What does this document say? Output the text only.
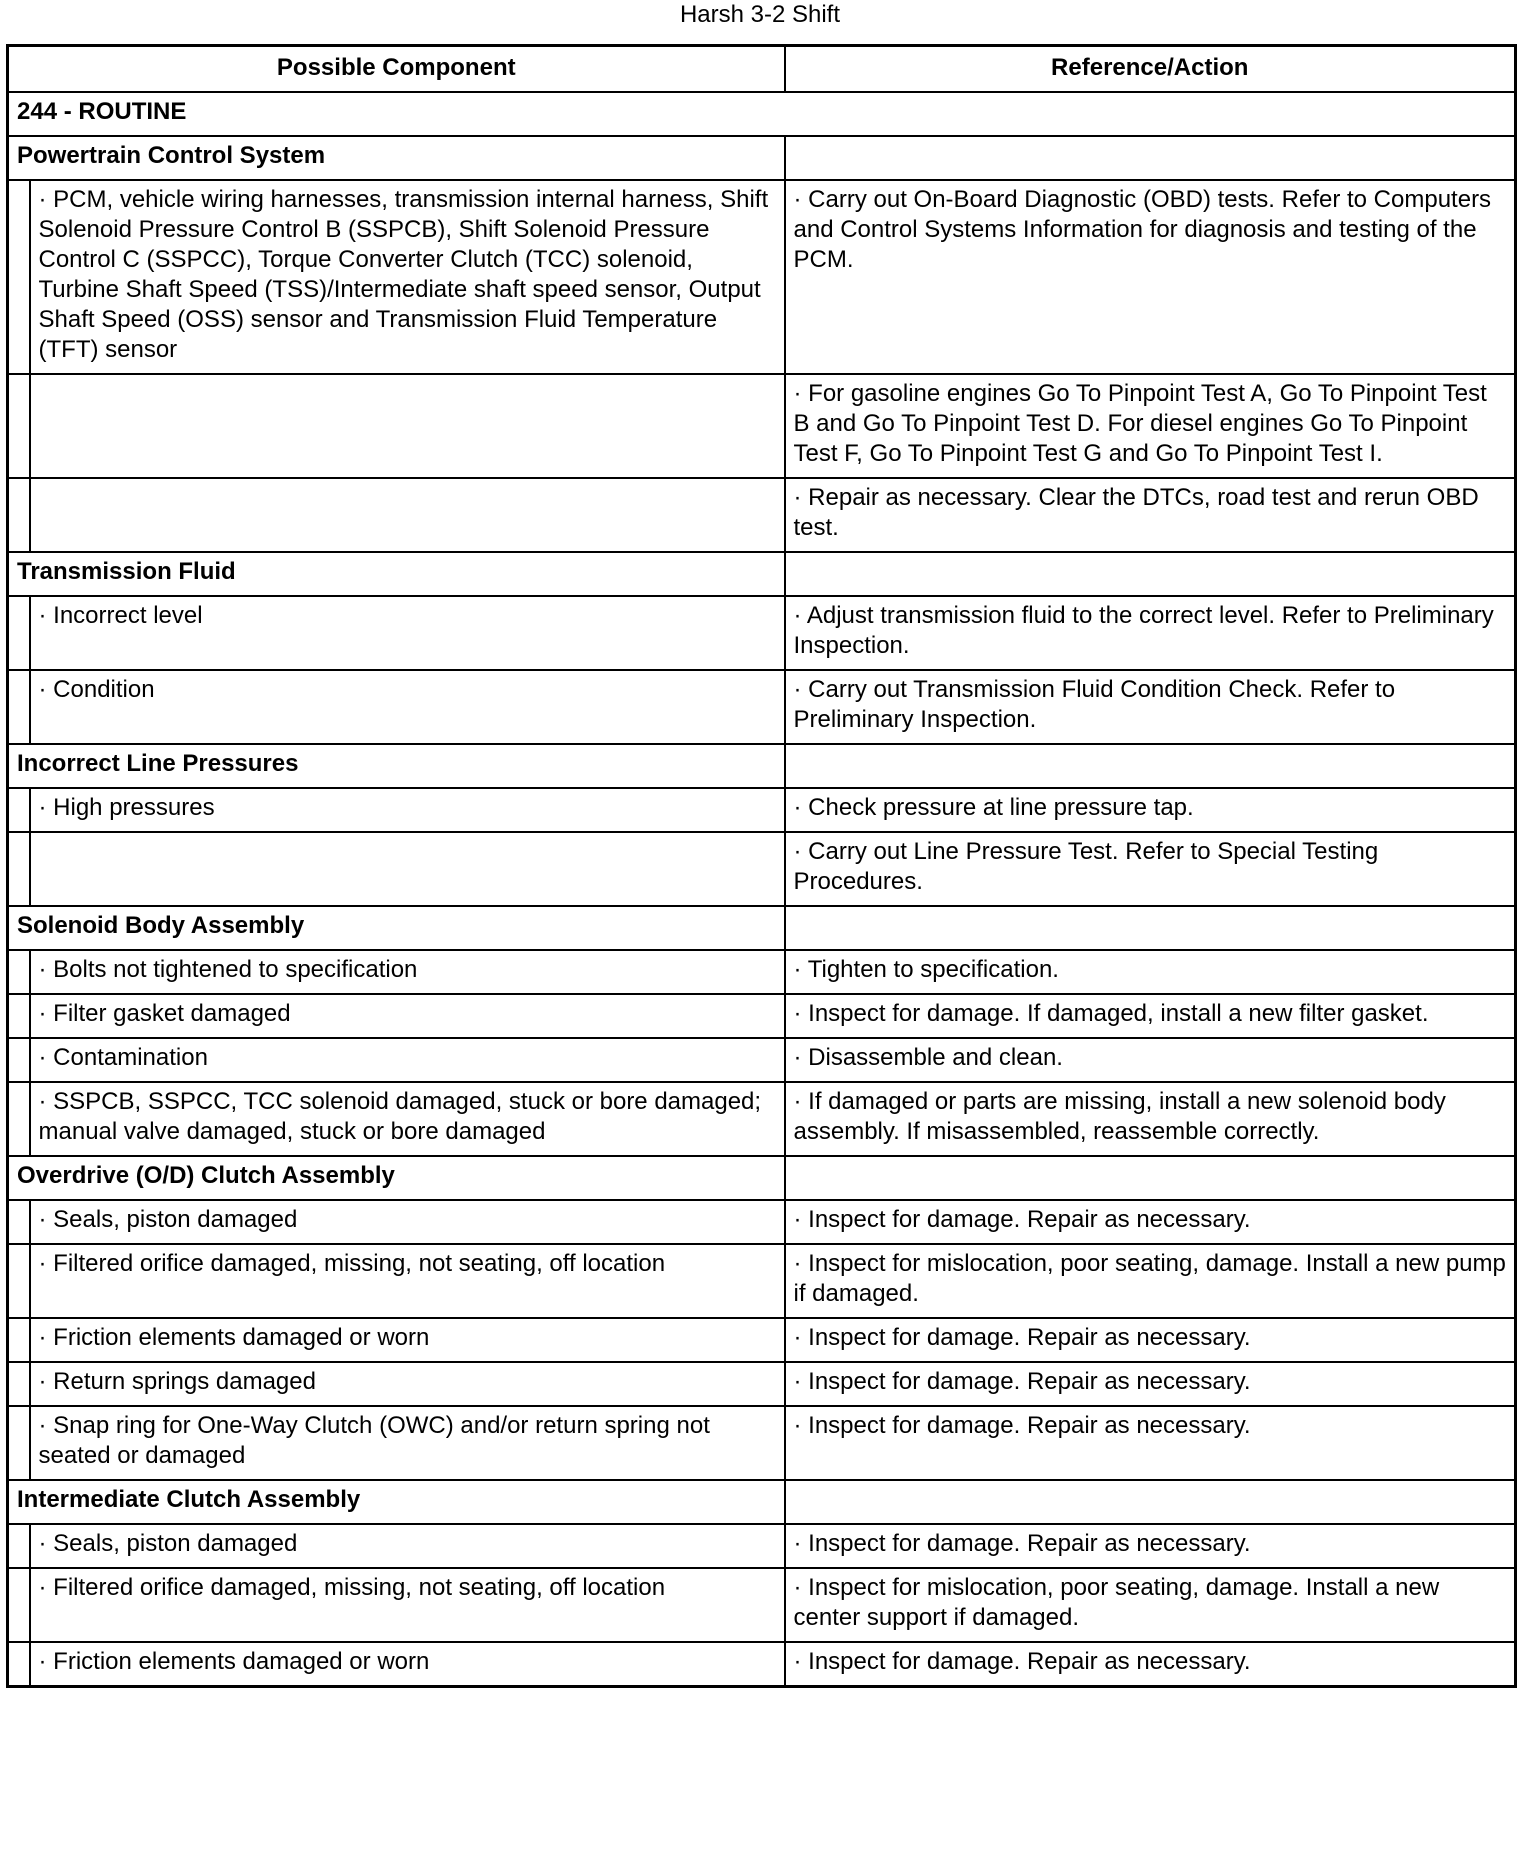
Harsh 3-2 Shift
Possible Component		Reference/Action
244 - ROUTINE		
Powertrain Control System		
	· PCM, vehicle wiring harnesses, transmission internal harness, Shift Solenoid Pressure Control B (SSPCB), Shift Solenoid Pressure Control C (SSPCC), Torque Converter Clutch (TCC) solenoid, Turbine Shaft Speed (TSS)/Intermediate shaft speed sensor, Output Shaft Speed (OSS) sensor and Transmission Fluid Temperature (TFT) sensor	· Carry out On-Board Diagnostic (OBD) tests. Refer to Computers and Control Systems Information for diagnosis and testing of the PCM.
		· For gasoline engines Go To Pinpoint Test A, Go To Pinpoint Test B and Go To Pinpoint Test D. For diesel engines Go To Pinpoint Test F, Go To Pinpoint Test G and Go To Pinpoint Test I.
		· Repair as necessary. Clear the DTCs, road test and rerun OBD test.
Transmission Fluid		
	· Incorrect level	· Adjust transmission fluid to the correct level. Refer to Preliminary Inspection.
	· Condition	· Carry out Transmission Fluid Condition Check. Refer to Preliminary Inspection.
Incorrect Line Pressures		
	· High pressures	· Check pressure at line pressure tap.
		· Carry out Line Pressure Test. Refer to Special Testing Procedures.
Solenoid Body Assembly		
	· Bolts not tightened to specification	· Tighten to specification.
	· Filter gasket damaged	· Inspect for damage. If damaged, install a new filter gasket.
	· Contamination	· Disassemble and clean.
	· SSPCB, SSPCC, TCC solenoid damaged, stuck or bore damaged; manual valve damaged, stuck or bore damaged	· If damaged or parts are missing, install a new solenoid body assembly. If misassembled, reassemble correctly.
Overdrive (O/D) Clutch Assembly		
	· Seals, piston damaged	· Inspect for damage. Repair as necessary.
	· Filtered orifice damaged, missing, not seating, off location	· Inspect for mislocation, poor seating, damage. Install a new pump if damaged.
	· Friction elements damaged or worn	· Inspect for damage. Repair as necessary.
	· Return springs damaged	· Inspect for damage. Repair as necessary.
	· Snap ring for One-Way Clutch (OWC) and/or return spring not seated or damaged	· Inspect for damage. Repair as necessary.
Intermediate Clutch Assembly		
	· Seals, piston damaged	· Inspect for damage. Repair as necessary.
	· Filtered orifice damaged, missing, not seating, off location	· Inspect for mislocation, poor seating, damage. Install a new center support if damaged.
	· Friction elements damaged or worn	· Inspect for damage. Repair as necessary.
